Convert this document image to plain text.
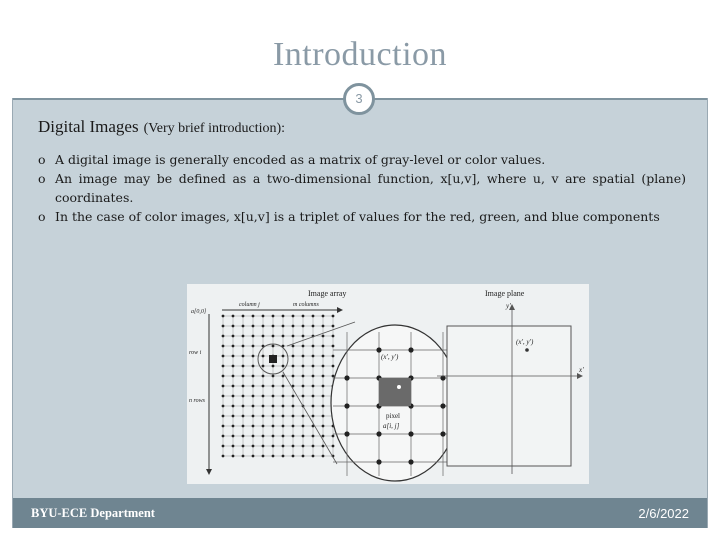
Introduction
3
Digital Images (Very brief introduction):
o A digital image is generally encoded as a matrix of gray-level or color values.
o An image may be defined as a two-dimensional function, x[u,v], where u, v are spatial (plane) coordinates.
o In the case of color images, x[u,v] is a triplet of values for the red, green, and blue components
Image array	Image plane
a[0,0]
column j	m columns
row i
n rows
(x', y')
pixel
a[i, j]
(x', y')
y'
x'
BYU-ECE Department	2/6/2022
